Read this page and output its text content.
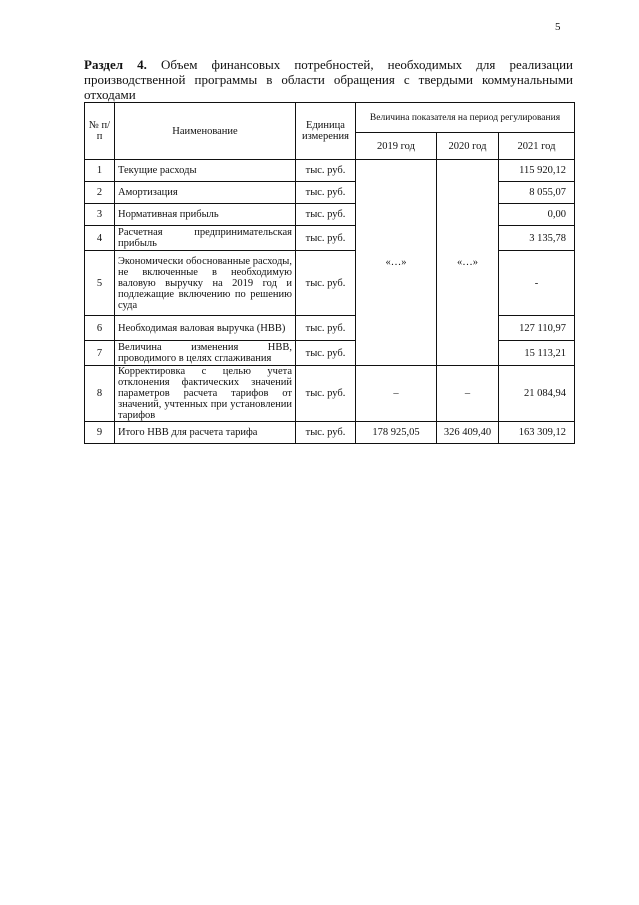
5
Раздел 4. Объем финансовых потребностей, необходимых для реализации производственной программы в области обращения с твердыми коммунальными отходами
№ п/п	Наименование	Единица измерения	Величина показателя на период регулирования		
			2019 год	2020 год	2021 год
1	Текущие расходы	тыс. руб.	«…»	«…»	115 920,12
2	Амортизация	тыс. руб.			8 055,07
3	Нормативная прибыль	тыс. руб.			0,00
4	Расчетная предпринимательская прибыль	тыс. руб.			3 135,78
5	Экономически обоснованные расходы, не включенные в необходимую валовую выручку на 2019 год и подлежащие включению по решению суда	тыс. руб.			-
6	Необходимая валовая выручка (НВВ)	тыс. руб.			127 110,97
7	Величина изменения НВВ, проводимого в целях сглаживания	тыс. руб.			15 113,21
8	Корректировка с целью учета отклонения фактических значений параметров расчета тарифов от значений, учтенных при установлении тарифов	тыс. руб.	–	–	21 084,94
9	Итого НВВ для расчета тарифа	тыс. руб.	178 925,05	326 409,40	163 309,12
